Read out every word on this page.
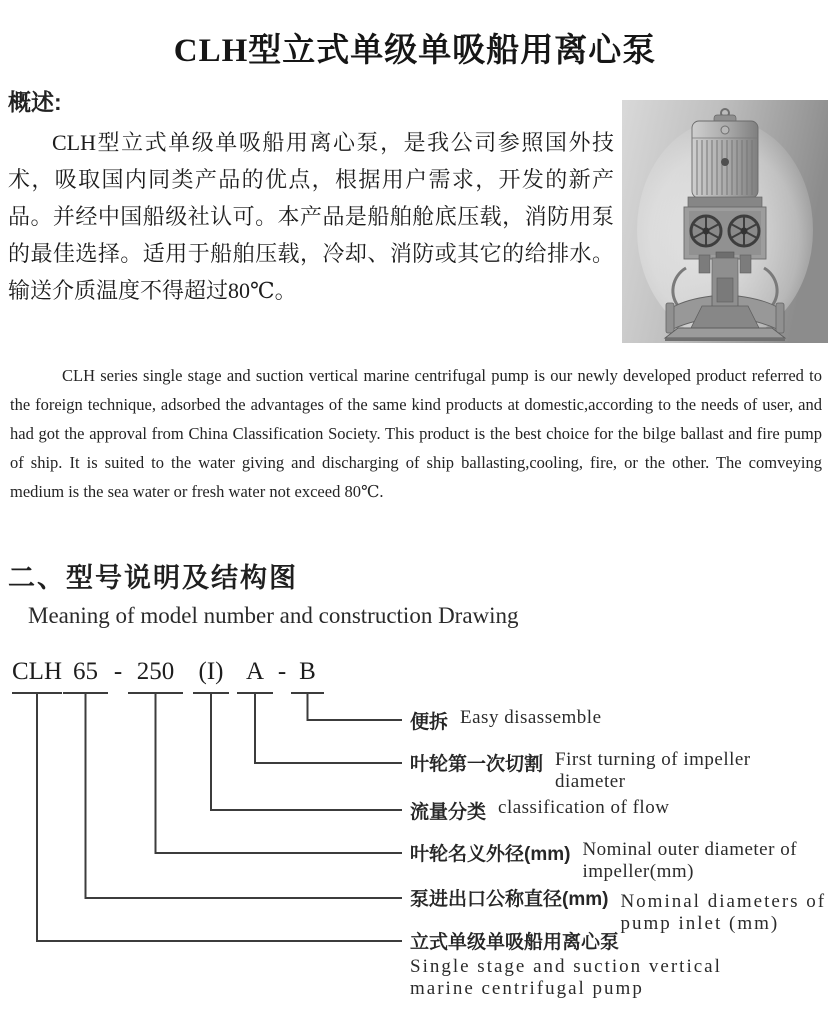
CLH型立式单级单吸船用离心泵
概述:
CLH型立式单级单吸船用离心泵，是我公司参照国外技术，吸取国内同类产品的优点，根据用户需求，开发的新产品。并经中国船级社认可。本产品是船舶舱底压载，消防用泵的最佳选择。适用于船舶压载，冷却、消防或其它的给排水。输送介质温度不得超过80℃。
CLH series single stage and suction vertical marine centrifugal pump is our newly developed product referred to the foreign technique, adsorbed the advantages of the same kind products at domestic,according to the needs of user, and had got the approval from China Classification Society. This product is the best choice for the bilge ballast and fire pump of ship. It is suited to the water giving and discharging of ship ballasting,cooling, fire, or the other. The comveying medium is the sea water or fresh water not exceed 80℃.
二、型号说明及结构图
Meaning of model number and construction Drawing
CLH 65 - 250 (I) A - B
便拆 Easy disassemble
叶轮第一次切割 First turning of impeller
diameter
流量分类 classification of flow
叶轮名义外径(mm) Nominal outer diameter of
impeller(mm)
泵进出口公称直径(mm) Nominal diameters of
pump inlet (mm)
立式单级单吸船用离心泵
Single stage and suction vertical
marine centrifugal pump
